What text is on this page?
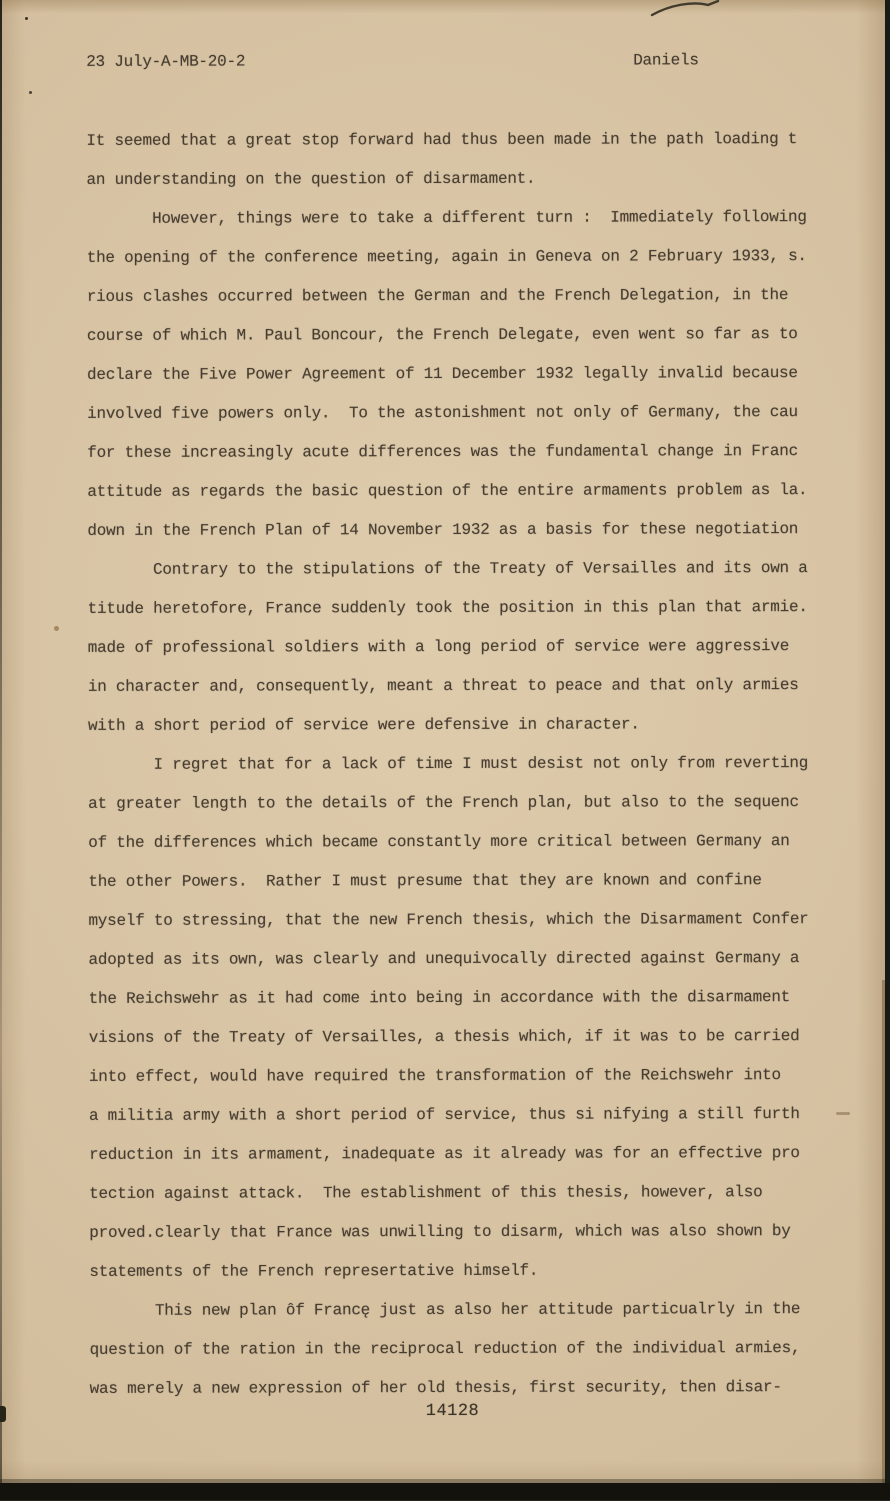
23 July-A-MB-20-2	Daniels
It seemed that a great stop forward had thus been made in the path loading t
an understanding on the question of disarmament.
However, things were to take a different turn :  Immediately following
the opening of the conference meeting, again in Geneva on 2 February 1933, s.
rious clashes occurred between the German and the French Delegation, in the
course of which M. Paul Boncour, the French Delegate, even went so far as to
declare the Five Power Agreement of 11 December 1932 legally invalid because
involved five powers only.  To the astonishment not only of Germany, the cau
for these increasingly acute differences was the fundamental change in Franc
attitude as regards the basic question of the entire armaments problem as la.
down in the French Plan of 14 November 1932 as a basis for these negotiation
Contrary to the stipulations of the Treaty of Versailles and its own a
titude heretofore, France suddenly took the position in this plan that armie.
made of professional soldiers with a long period of service were aggressive
in character and, consequently, meant a threat to peace and that only armies
with a short period of service were defensive in character.
I regret that for a lack of time I must desist not only from reverting
at greater length to the details of the French plan, but also to the sequenc
of the differences which became constantly more critical between Germany an
the other Powers.  Rather I must presume that they are known and confine
myself to stressing, that the new French thesis, which the Disarmament Confer
adopted as its own, was clearly and unequivocally directed against Germany a
the Reichswehr as it had come into being in accordance with the disarmament
visions of the Treaty of Versailles, a thesis which, if it was to be carried
into effect, would have required the transformation of the Reichswehr into
a militia army with a short period of service, thus si nifying a still furth
reduction in its armament, inadequate as it already was for an effective pro
tection against attack.  The establishment of this thesis, however, also
proved.clearly that France was unwilling to disarm, which was also shown by
statements of the French represertative himself.
This new plan ôf Francę just as also her attitude particualrly in the
question of the ration in the reciprocal reduction of the individual armies,
was merely a new expression of her old thesis, first security, then disar-
14128
